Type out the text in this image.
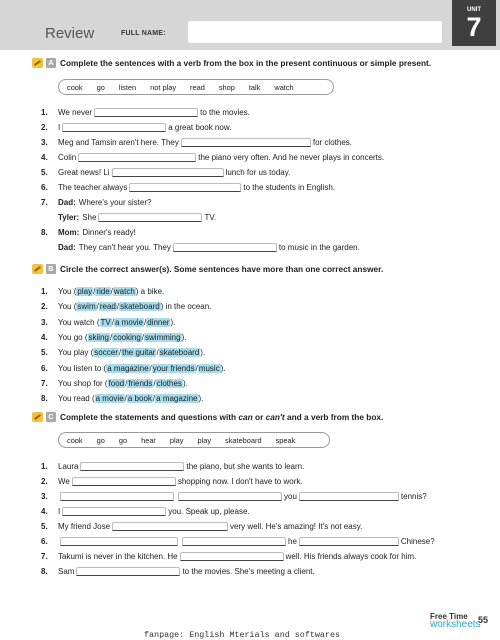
Review	FULL NAME:
UNIT
7
A Complete the sentences with a verb from the box in the present continuous or simple present.
cook go listen not play read shop talk watch
1. We never	to the movies.
2. I	a great book now.
3. Meg and Tamsin aren't here. They	for clothes.
4. Colin	the piano very often. And he never plays in concerts.
5. Great news! Li	lunch for us today.
6. The teacher always	to the students in English.
7. Dad: Where's your sister?
Tyler: She	TV.
8. Mom: Dinner's ready!
Dad: They can't hear you. They	to music in the garden.
B Circle the correct answer(s). Some sentences have more than one correct answer.
1. You ( play / ride / watch ) a bike.
2. You ( swim / read / skateboard ) in the ocean.
3. You watch ( TV / a movie / dinner ).
4. You go ( skiing / cooking / swimming ).
5. You play ( soccer / the guitar / skateboard ).
6. You listen to ( a magazine / your friends / music ).
7. You shop for ( food / friends / clothes ).
8. You read ( a movie / a book / a magazine ).
C Complete the statements and questions with can or can't and a verb from the box.
cook go go hear play play skateboard speak
1. Laura	the piano, but she wants to learn.
2. We	shopping now. I don't have to work.
3.	you	tennis?
4. I	you. Speak up, please.
5. My friend Jose	very well. He's amazing! It's not easy.
6.	he	Chinese?
7. Takumi is never in the kitchen. He	well. His friends always cook for him.
8. Sam	to the movies. She's meeting a client.
Free Time
worksheets
55
fanpage: English Mterials and softwares
